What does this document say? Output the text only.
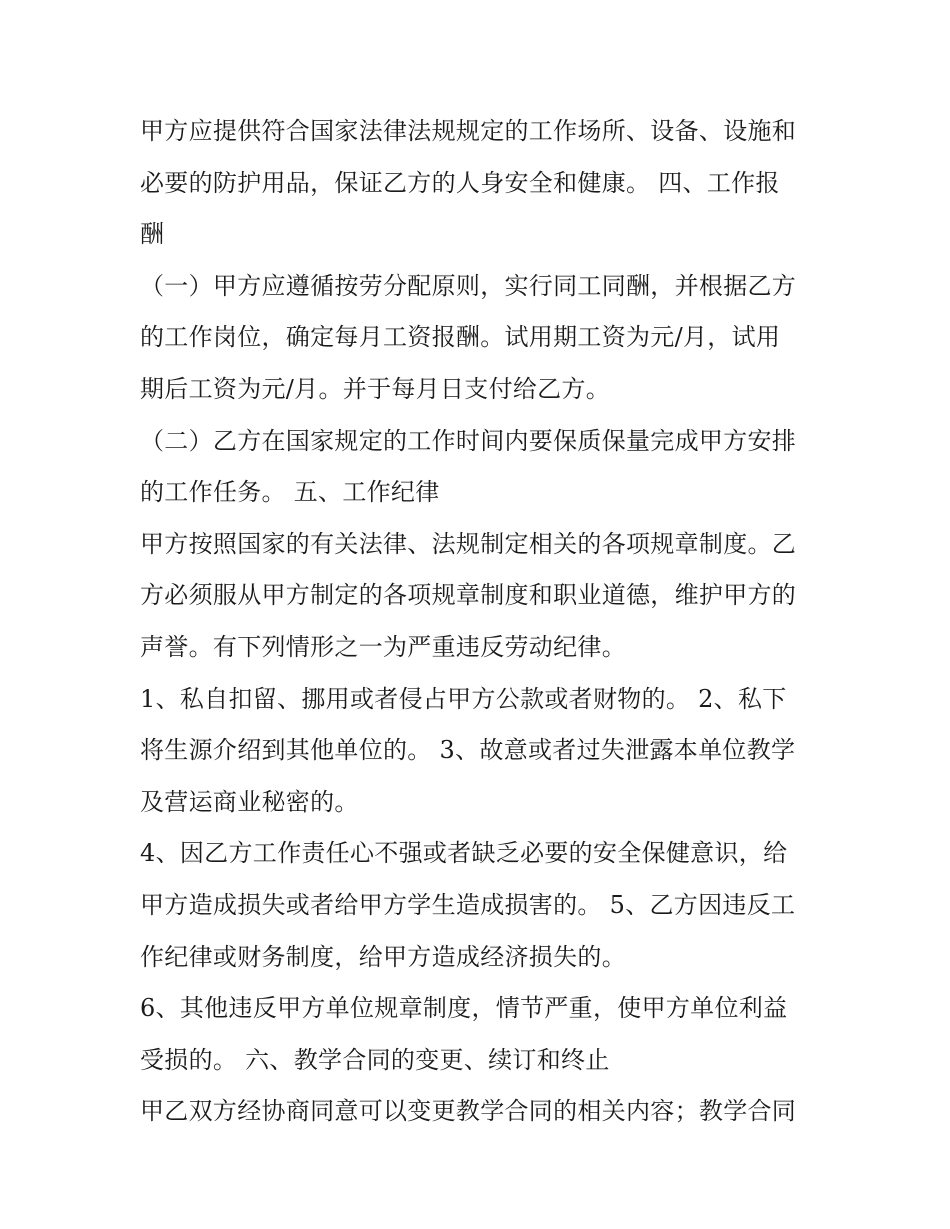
甲方应提供符合国家法律法规规定的工作场所、设备、设施和
必要的防护用品，保证乙方的人身安全和健康。 四、工作报
酬
（一）甲方应遵循按劳分配原则，实行同工同酬，并根据乙方
的工作岗位，确定每月工资报酬。试用期工资为元/月，试用
期后工资为元/月。并于每月日支付给乙方。
（二）乙方在国家规定的工作时间内要保质保量完成甲方安排
的工作任务。 五、工作纪律
甲方按照国家的有关法律、法规制定相关的各项规章制度。乙
方必须服从甲方制定的各项规章制度和职业道德，维护甲方的
声誉。有下列情形之一为严重违反劳动纪律。
1、私自扣留、挪用或者侵占甲方公款或者财物的。 2、私下
将生源介绍到其他单位的。 3、故意或者过失泄露本单位教学
及营运商业秘密的。
4、因乙方工作责任心不强或者缺乏必要的安全保健意识，给
甲方造成损失或者给甲方学生造成损害的。 5、乙方因违反工
作纪律或财务制度，给甲方造成经济损失的。
6、其他违反甲方单位规章制度，情节严重，使甲方单位利益
受损的。 六、教学合同的变更、续订和终止
甲乙双方经协商同意可以变更教学合同的相关内容；教学合同
